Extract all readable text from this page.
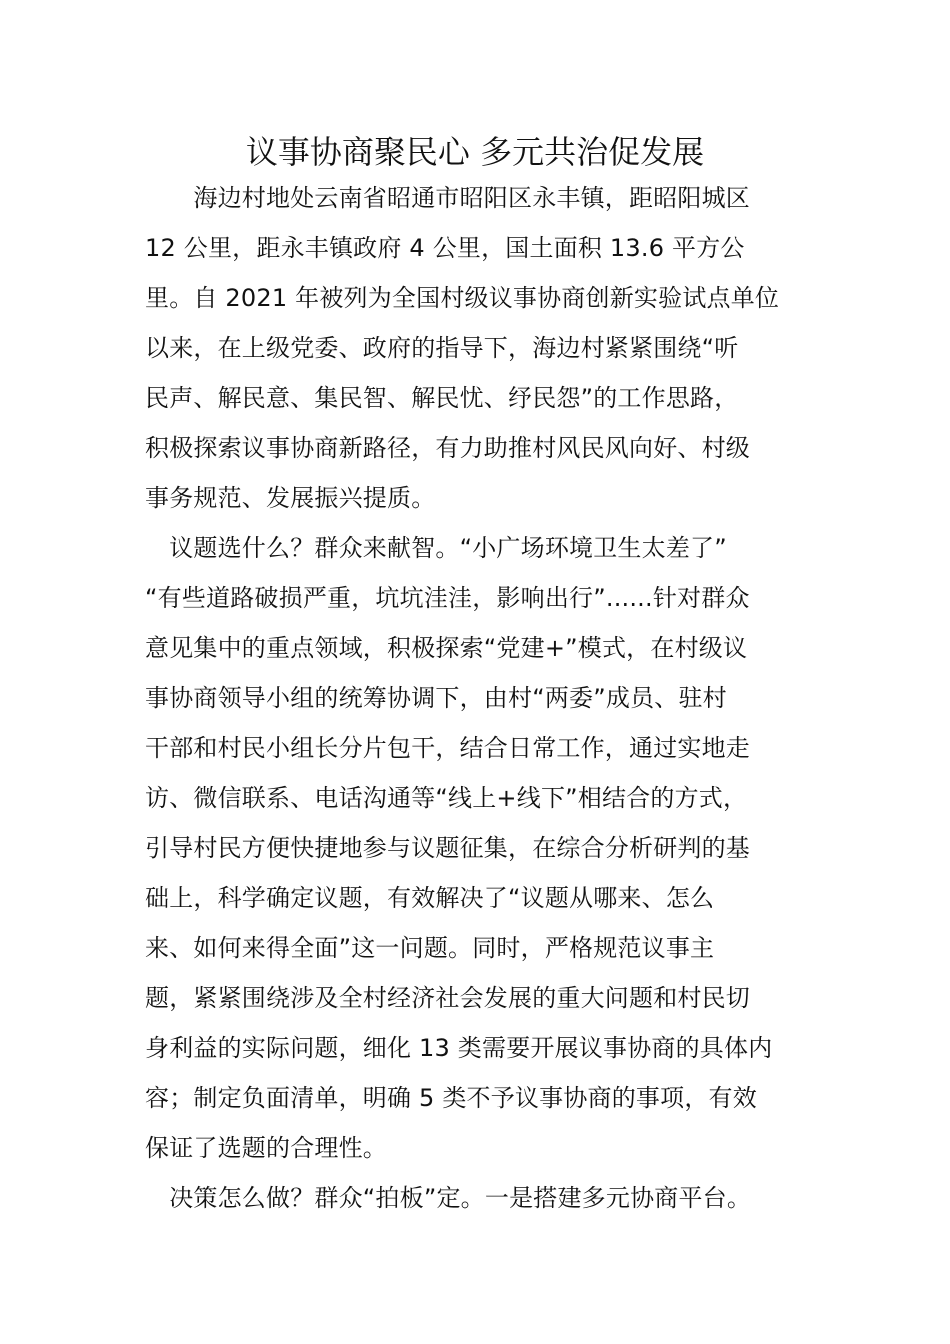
议事协商聚民心 多元共治促发展
　　海边村地处云南省昭通市昭阳区永丰镇，距昭阳城区
12 公里，距永丰镇政府 4 公里，国土面积 13.6 平方公
里。自 2021 年被列为全国村级议事协商创新实验试点单位
以来，在上级党委、政府的指导下，海边村紧紧围绕“听
民声、解民意、集民智、解民忧、纾民怨”的工作思路，
积极探索议事协商新路径，有力助推村风民风向好、村级
事务规范、发展振兴提质。
　议题选什么？群众来献智。“小广场环境卫生太差了”
“有些道路破损严重，坑坑洼洼，影响出行”......针对群众
意见集中的重点领域，积极探索“党建+”模式，在村级议
事协商领导小组的统筹协调下，由村“两委”成员、驻村
干部和村民小组长分片包干，结合日常工作，通过实地走
访、微信联系、电话沟通等“线上+线下”相结合的方式，
引导村民方便快捷地参与议题征集，在综合分析研判的基
础上，科学确定议题，有效解决了“议题从哪来、怎么
来、如何来得全面”这一问题。同时，严格规范议事主
题，紧紧围绕涉及全村经济社会发展的重大问题和村民切
身利益的实际问题，细化 13 类需要开展议事协商的具体内
容；制定负面清单，明确 5 类不予议事协商的事项，有效
保证了选题的合理性。
　决策怎么做？群众“拍板”定。一是搭建多元协商平台。
